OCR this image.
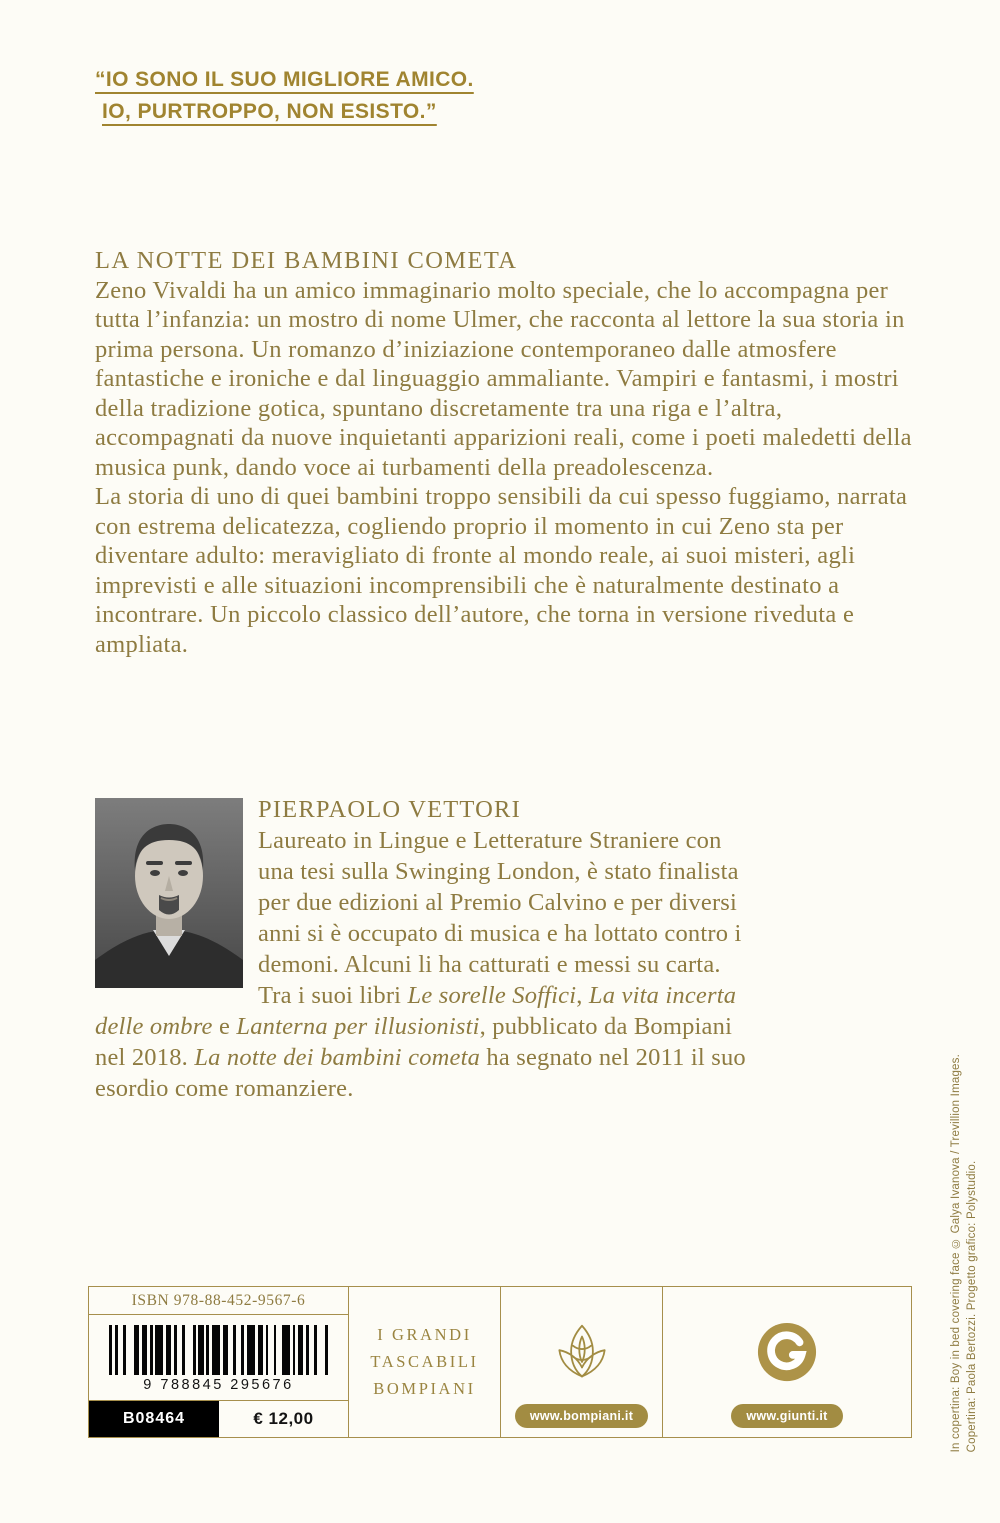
“IO SONO IL SUO MIGLIORE AMICO.
IO, PURTROPPO, NON ESISTO.”
LA NOTTE DEI BAMBINI COMETA

Zeno Vivaldi ha un amico immaginario molto speciale, che lo accompagna per tutta l’infanzia: un mostro di nome Ulmer, che racconta al lettore la sua storia in prima persona. Un romanzo d’iniziazione contemporaneo dalle atmosfere fantastiche e ironiche e dal linguaggio ammaliante. Vampiri e fantasmi, i mostri della tradizione gotica, spuntano discretamente tra una riga e l’altra, accompagnati da nuove inquietanti apparizioni reali, come i poeti maledetti della musica punk, dando voce ai turbamenti della preadolescenza.

La storia di uno di quei bambini troppo sensibili da cui spesso fuggiamo, narrata con estrema delicatezza, cogliendo proprio il momento in cui Zeno sta per diventare adulto: meravigliato di fronte al mondo reale, ai suoi misteri, agli imprevisti e alle situazioni incomprensibili che è naturalmente destinato a incontrare. Un piccolo classico dell’autore, che torna in versione riveduta e ampliata.

PIERPAOLO VETTORI
Laureato in Lingue e Letterature Straniere con una tesi sulla Swinging London, è stato finalista per due edizioni al Premio Calvino e per diversi anni si è occupato di musica e ha lottato contro i demoni. Alcuni li ha catturati e messi su carta. Tra i suoi libri Le sorelle Soffici, La vita incerta delle ombre e Lanterna per illusionisti, pubblicato da Bompiani nel 2018. La notte dei bambini cometa ha segnato nel 2011 il suo esordio come romanziere.
ISBN 978-88-452-9567-6
9 788845 295676
B08464	€ 12,00
I GRANDI
TASCABILI
BOMPIANI
www.bompiani.it	www.giunti.it	In copertina: Boy in bed covering face © Galya Ivanova / Trevillion Images. Copertina: Paola Bertozzi. Progetto grafico: Polystudio.
